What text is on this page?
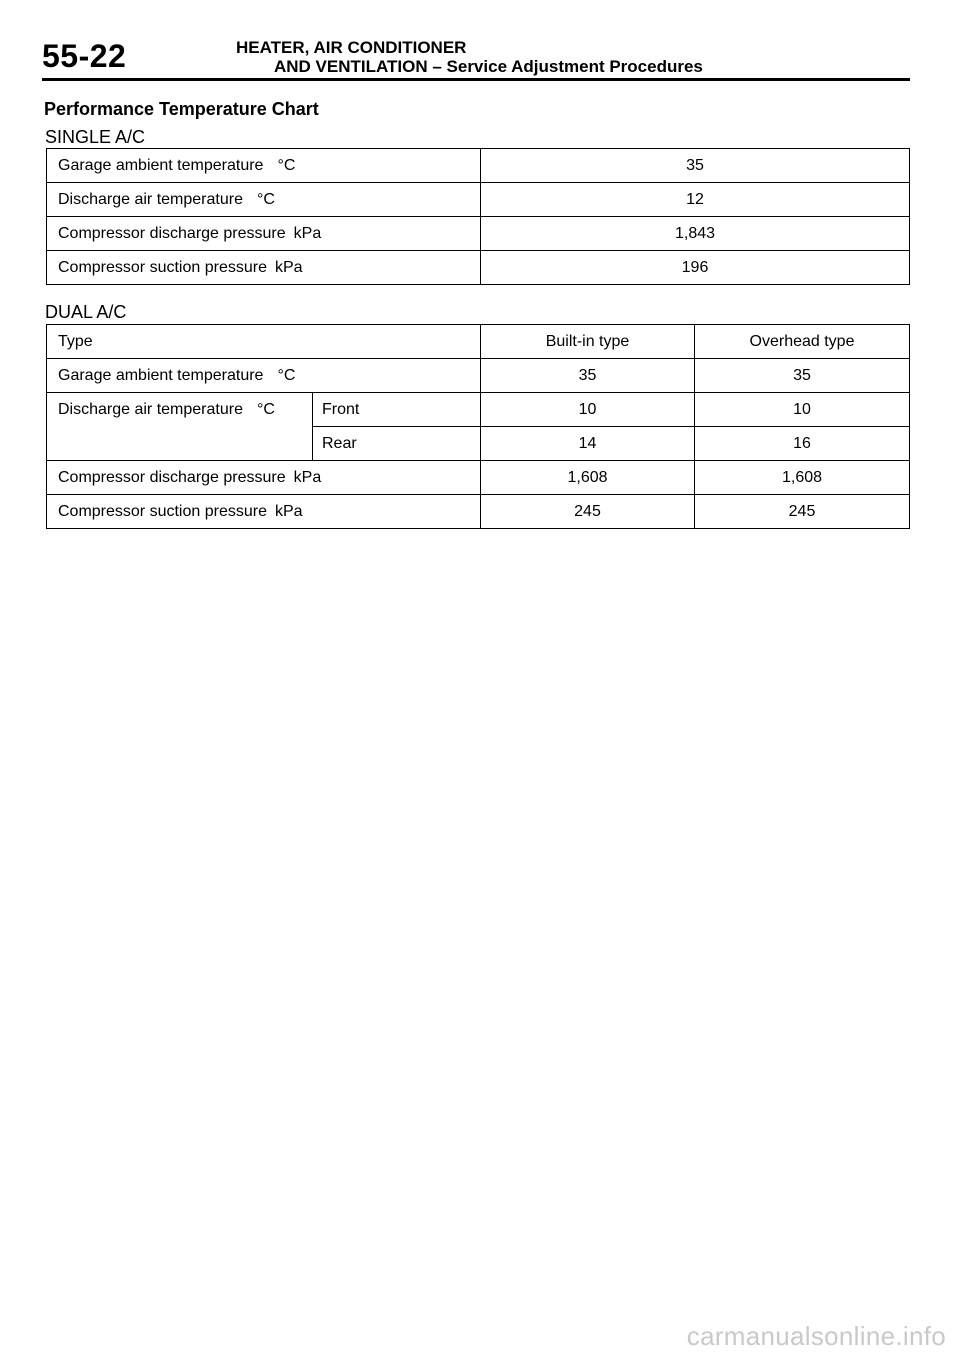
55-22	HEATER, AIR CONDITIONER
AND VENTILATION – Service Adjustment Procedures
Performance Temperature Chart
SINGLE A/C
Garage ambient temperature °C	35
Discharge air temperature °C	12
Compressor discharge pressure kPa	1,843
Compressor suction pressure kPa	196
DUAL A/C
Type		Built-in type	Overhead type
Garage ambient temperature °C		35	35
Discharge air temperature °C	Front	10	10
	Rear	14	16
Compressor discharge pressure kPa		1,608	1,608
Compressor suction pressure kPa		245	245
carmanualsonline.info
